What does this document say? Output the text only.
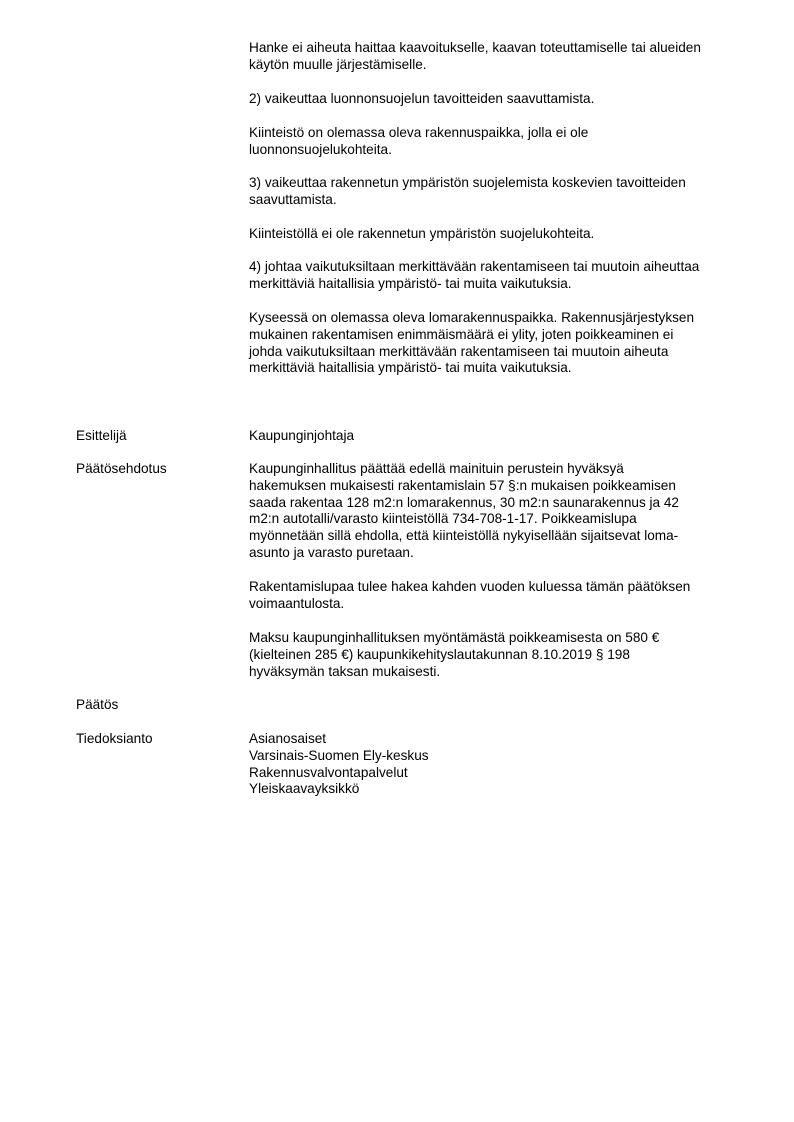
Hanke ei aiheuta haittaa kaavoitukselle, kaavan toteuttamiselle tai alueiden
käytön muulle järjestämiselle.

2) vaikeuttaa luonnonsuojelun tavoitteiden saavuttamista.

Kiinteistö on olemassa oleva rakennuspaikka, jolla ei ole
luonnonsuojelukohteita.

3) vaikeuttaa rakennetun ympäristön suojelemista koskevien tavoitteiden
saavuttamista.

Kiinteistöllä ei ole rakennetun ympäristön suojelukohteita.

4) johtaa vaikutuksiltaan merkittävään rakentamiseen tai muutoin aiheuttaa
merkittäviä haitallisia ympäristö- tai muita vaikutuksia.

Kyseessä on olemassa oleva lomarakennuspaikka. Rakennusjärjestyksen
mukainen rakentamisen enimmäismäärä ei ylity, joten poikkeaminen ei
johda vaikutuksiltaan merkittävään rakentamiseen tai muutoin aiheuta
merkittäviä haitallisia ympäristö- tai muita vaikutuksia.

Esittelijä	Kaupunginjohtaja

Päätösehdotus	Kaupunginhallitus päättää edellä mainituin perustein hyväksyä
hakemuksen mukaisesti rakentamislain 57 §:n mukaisen poikkeamisen
saada rakentaa 128 m2:n lomarakennus, 30 m2:n saunarakennus ja 42
m2:n autotalli/varasto kiinteistöllä 734-708-1-17. Poikkeamislupa
myönnetään sillä ehdolla, että kiinteistöllä nykyisellään sijaitsevat loma-
asunto ja varasto puretaan.

Rakentamislupaa tulee hakea kahden vuoden kuluessa tämän päätöksen
voimaantulosta.

Maksu kaupunginhallituksen myöntämästä poikkeamisesta on 580 €
(kielteinen 285 €) kaupunkikehityslautakunnan 8.10.2019 § 198
hyväksymän taksan mukaisesti.

Päätös

Tiedoksianto	Asianosaiset
Varsinais-Suomen Ely-keskus
Rakennusvalvontapalvelut
Yleiskaavayksikkö
